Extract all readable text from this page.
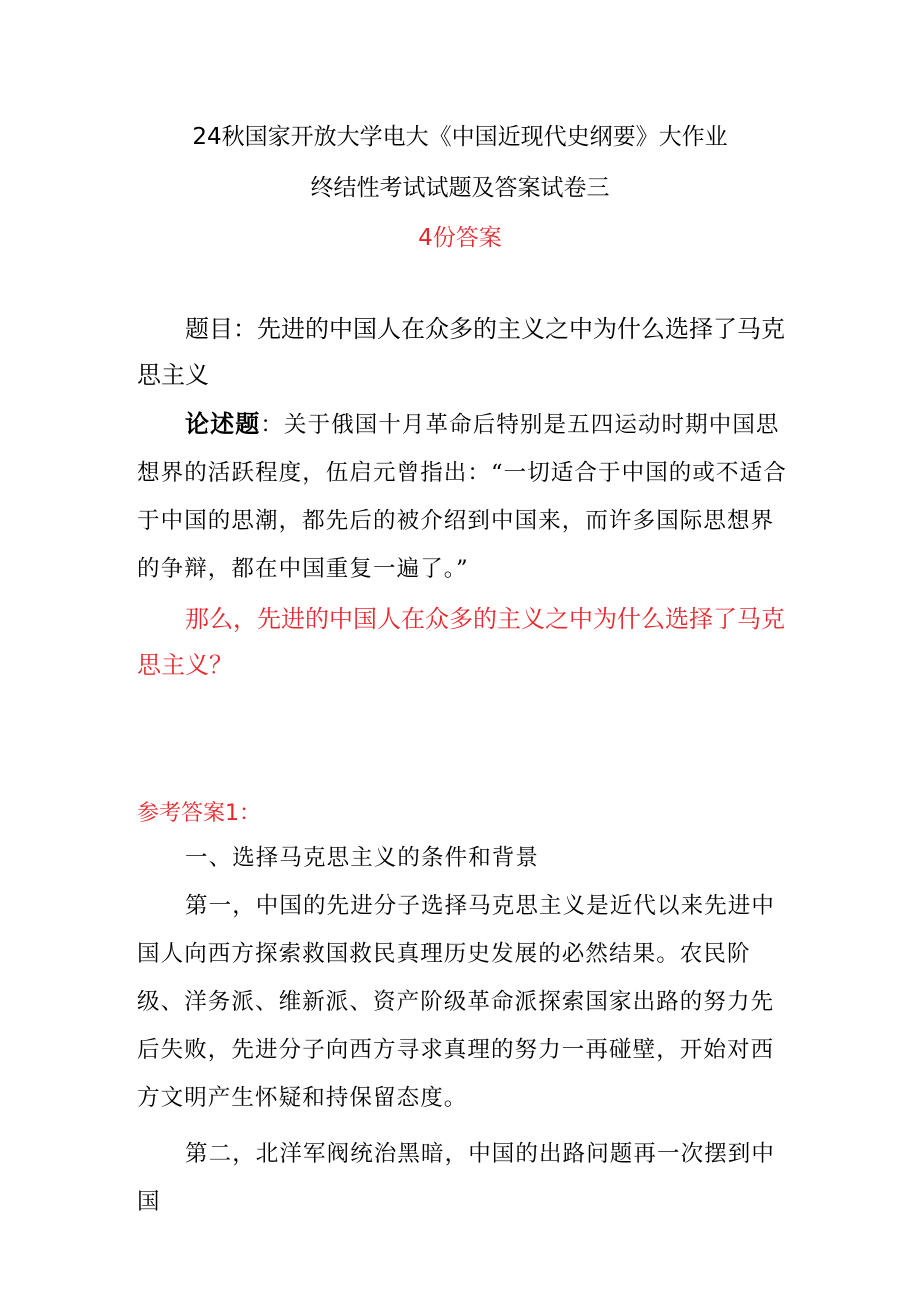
24秋国家开放大学电大《中国近现代史纲要》大作业
终结性考试试题及答案试卷三
4份答案

题目：先进的中国人在众多的主义之中为什么选择了马克思主义

论述题：关于俄国十月革命后特别是五四运动时期中国思想界的活跃程度，伍启元曾指出：“一切适合于中国的或不适合于中国的思潮，都先后的被介绍到中国来，而许多国际思想界的争辩，都在中国重复一遍了。”

那么，先进的中国人在众多的主义之中为什么选择了马克思主义？

参考答案1：

一、选择马克思主义的条件和背景

第一，中国的先进分子选择马克思主义是近代以来先进中国人向西方探索救国救民真理历史发展的必然结果。农民阶级、洋务派、维新派、资产阶级革命派探索国家出路的努力先后失败，先进分子向西方寻求真理的努力一再碰壁，开始对西方文明产生怀疑和持保留态度。

第二，北洋军阀统治黑暗，中国的出路问题再一次摆到中国
